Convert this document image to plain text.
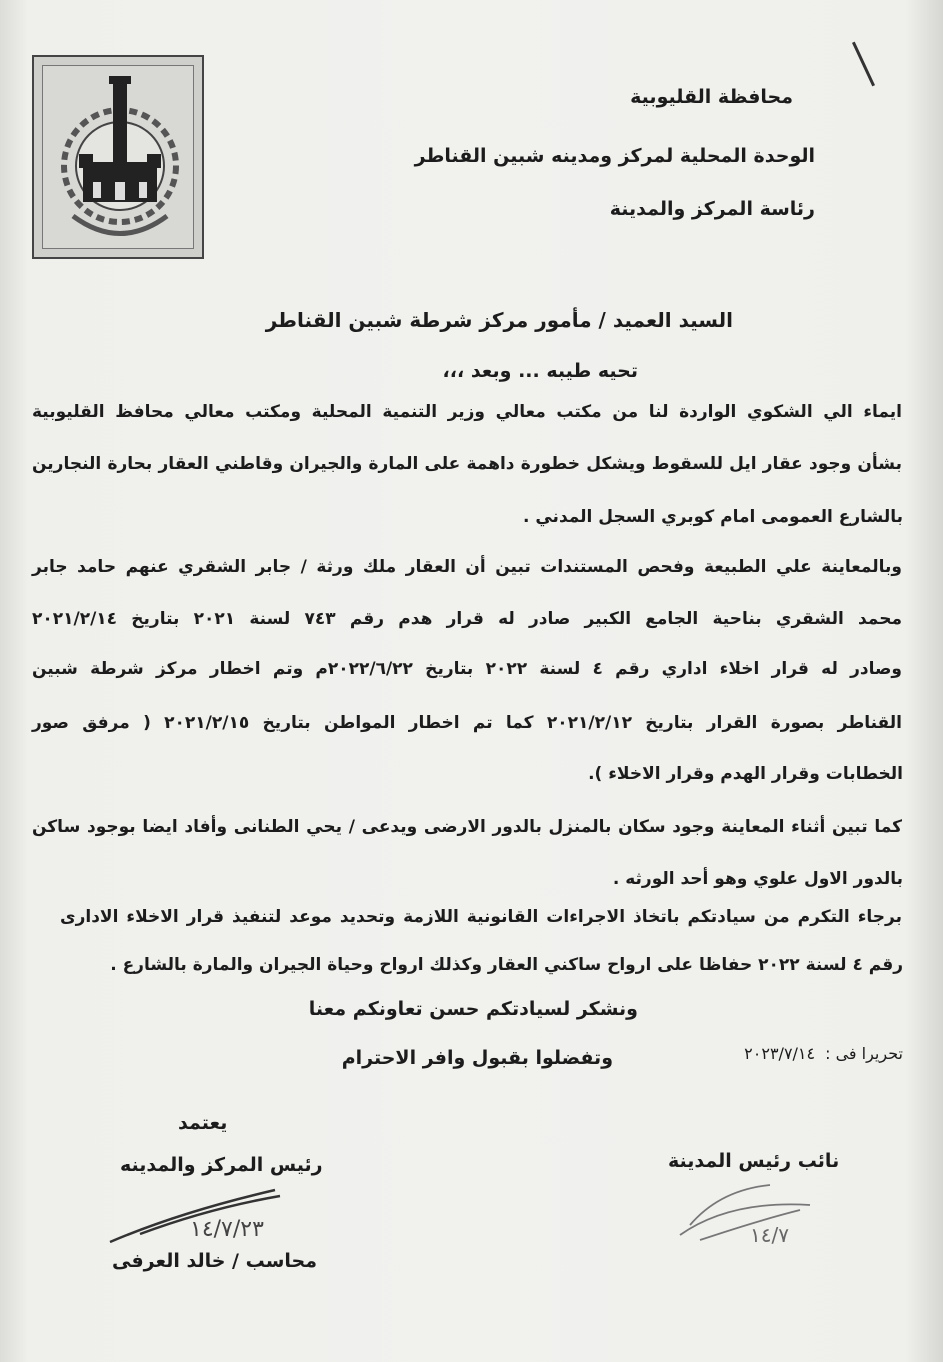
محافظة القليوبية
الوحدة المحلية لمركز ومدينه شبين القناطر
رئاسة المركز والمدينة
السيد العميد / مأمور مركز شرطة شبين القناطر
تحيه طيبه ... وبعد ،،،
ايماء الي الشكوي الواردة لنا من مكتب معالي وزير التنمية المحلية ومكتب معالي محافظ القليوبية
بشأن وجود عقار ايل للسقوط ويشكل خطورة داهمة على المارة والجيران وقاطني العقار بحارة النجارين
بالشارع العمومى امام كوبري السجل المدني .
وبالمعاينة علي الطبيعة وفحص المستندات تبين أن العقار ملك ورثة / جابر الشقري عنهم حامد جابر
محمد الشقري بناحية الجامع الكبير صادر له قرار هدم رقم ٧٤٣ لسنة ٢٠٢١ بتاريخ ٢٠٢١/٢/١٤
وصادر له قرار اخلاء اداري رقم ٤ لسنة ٢٠٢٢ بتاريخ ٢٠٢٢/٦/٢٢م وتم اخطار مركز شرطة شبين
القناطر بصورة القرار بتاريخ ٢٠٢١/٢/١٢ كما تم اخطار المواطن بتاريخ ٢٠٢١/٢/١٥ ( مرفق صور
الخطابات وقرار الهدم وقرار الاخلاء ).
كما تبين أثناء المعاينة وجود سكان بالمنزل بالدور الارضى ويدعى / يحي الطنانى وأفاد ايضا بوجود ساكن
بالدور الاول علوي وهو أحد الورثه .
برجاء التكرم من سيادتكم باتخاذ الاجراءات القانونية اللازمة وتحديد موعد لتنفيذ قرار الاخلاء الادارى
رقم ٤ لسنة ٢٠٢٢ حفاظا على ارواح ساكني العقار وكذلك ارواح وحياة الجيران والمارة بالشارع .
ونشكر لسيادتكم حسن تعاونكم معنا
تحريرا فى :
٢٠٢٣/٧/١٤
وتفضلوا بقبول وافر الاحترام
يعتمد
رئيس المركز والمدينه
١٤/٧/٢٣
محاسب / خالد العرفى
نائب رئيس المدينة
١٤/٧
